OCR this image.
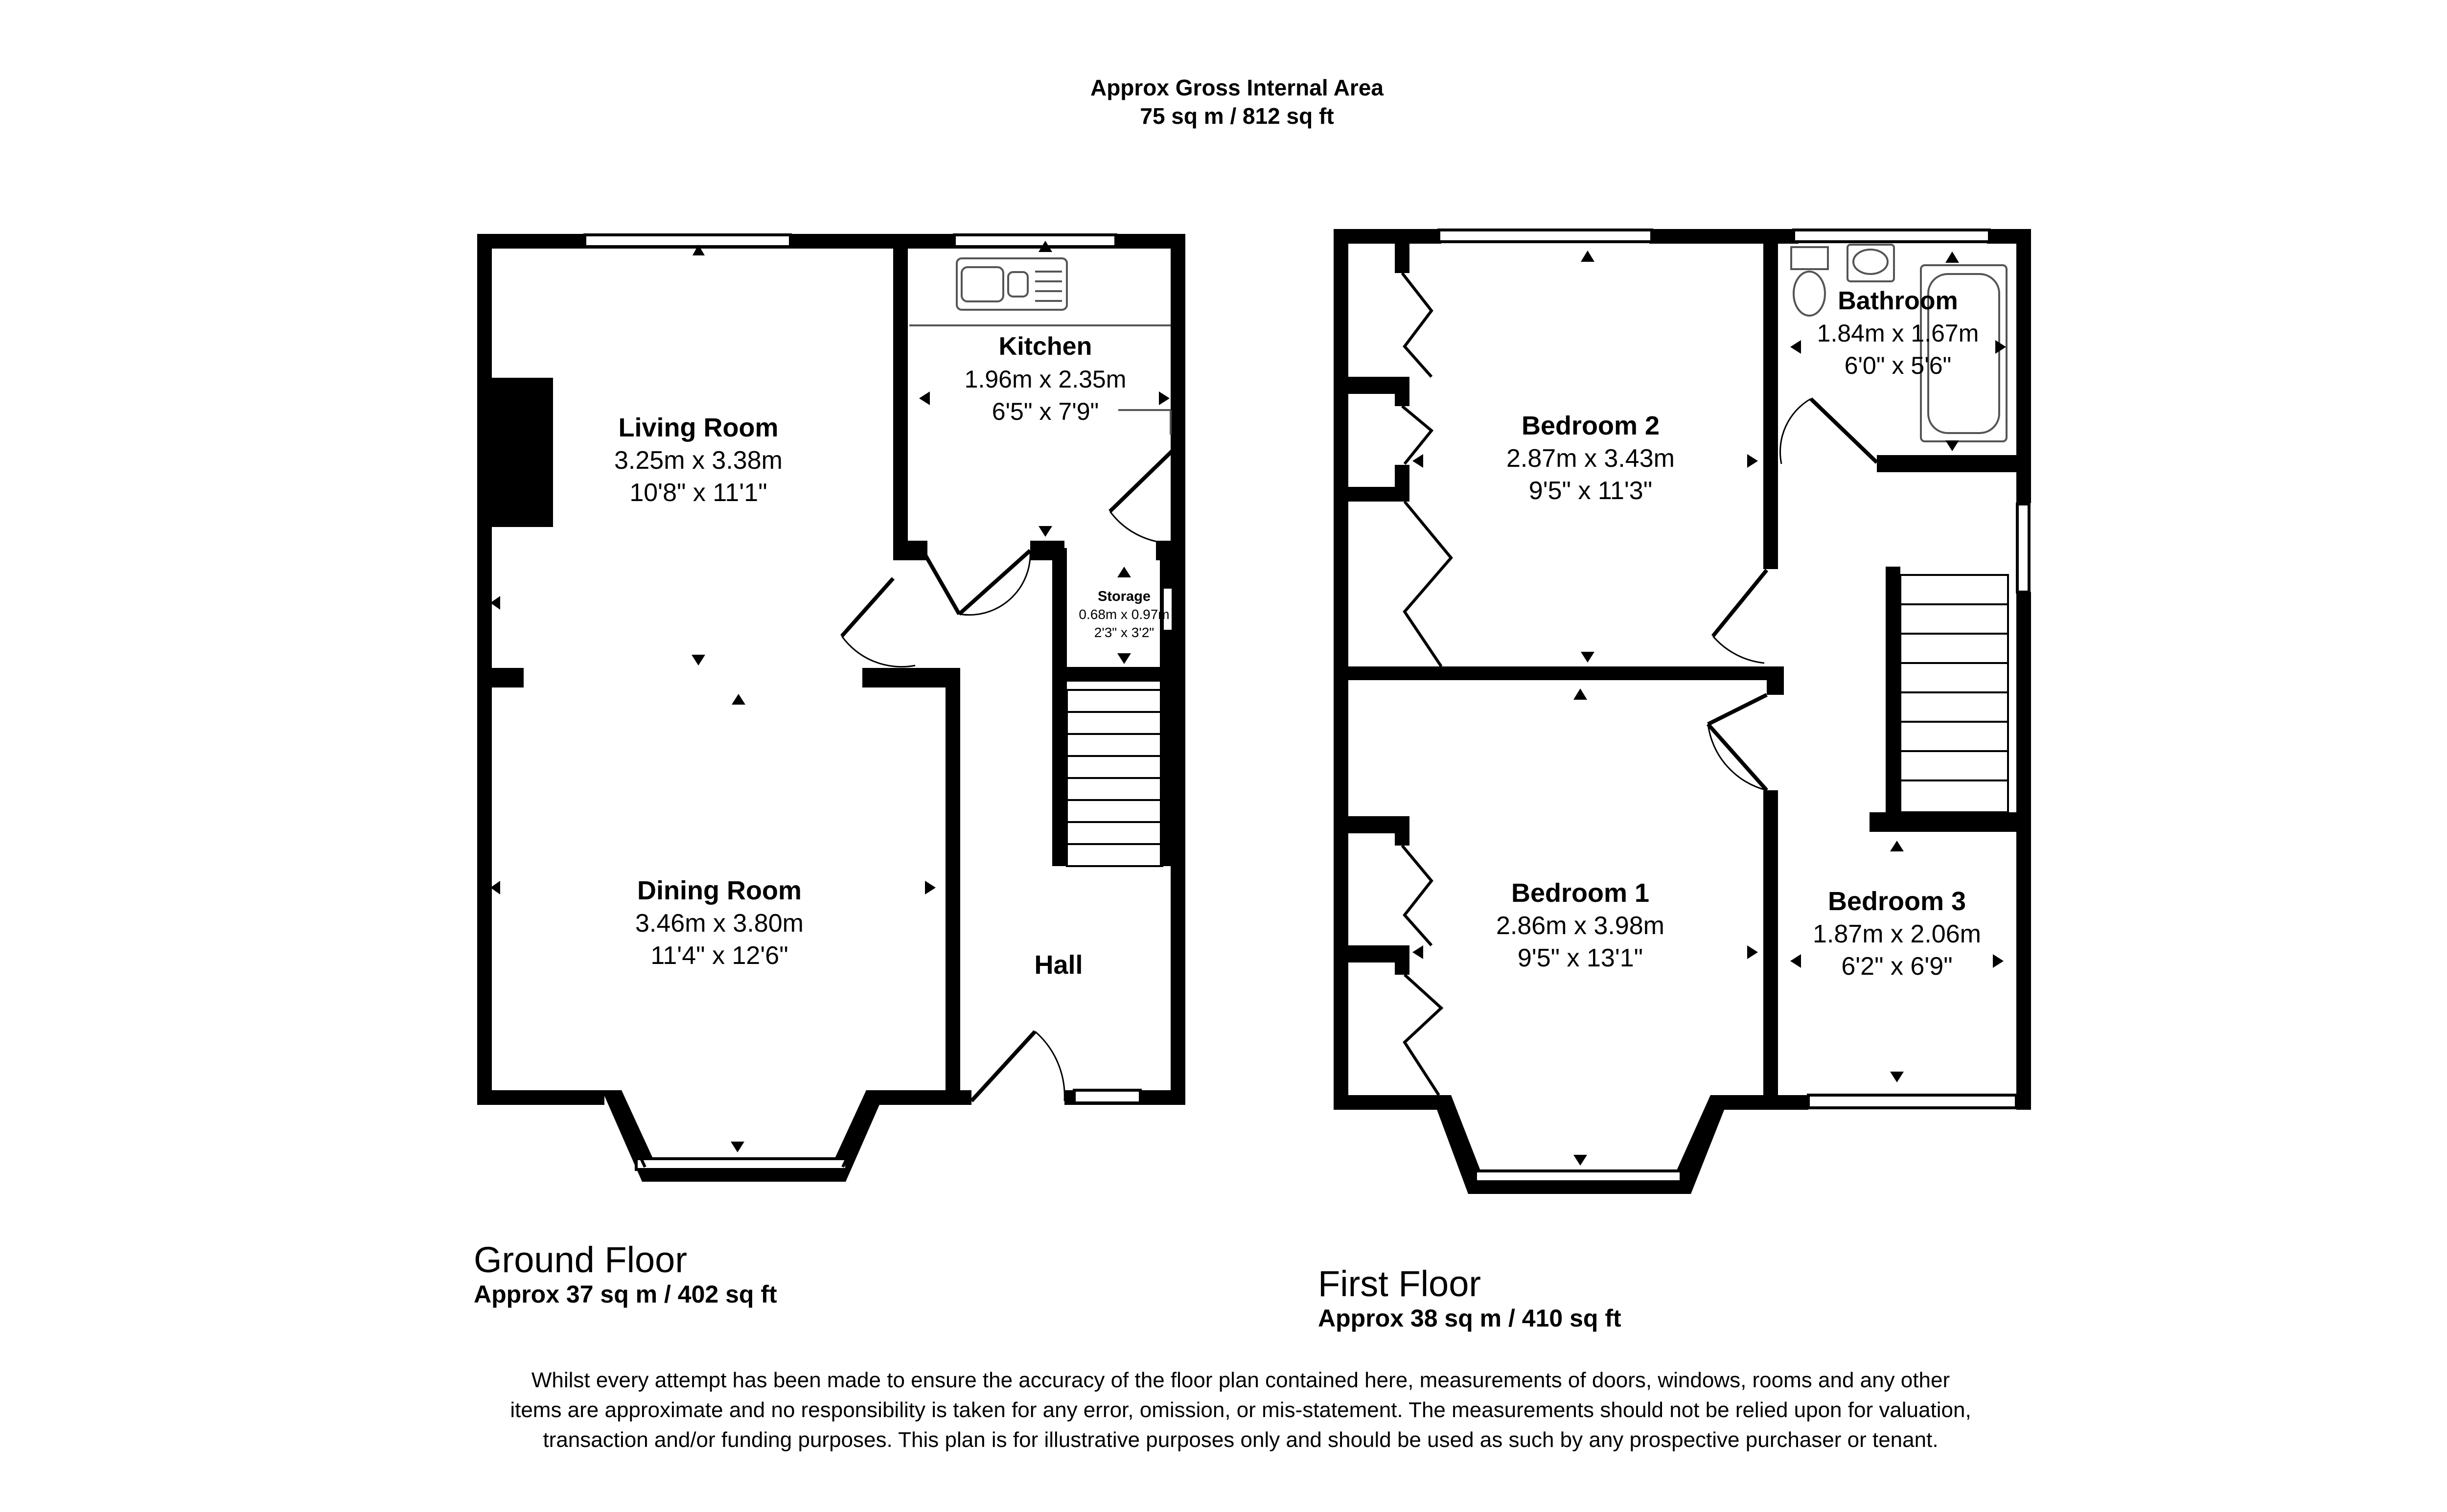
Approx Gross Internal Area
75 sq m / 812 sq ft
Living Room
3.25m x 3.38m
10'8" x 11'1"
Dining Room
3.46m x 3.80m
11'4" x 12'6"
Kitchen
1.96m x 2.35m
6'5" x 7'9"
Storage
0.68m x 0.97m
2'3" x 3'2"
Hall
Bedroom 2
2.87m x 3.43m
9'5" x 11'3"
Bathroom
1.84m x 1.67m
6'0" x 5'6"
Bedroom 1
2.86m x 3.98m
9'5" x 13'1"
Bedroom 3
1.87m x 2.06m
6'2" x 6'9"
Ground Floor
Approx 37 sq m / 402 sq ft	First Floor
Approx 38 sq m / 410 sq ft
Whilst every attempt has been made to ensure the accuracy of the floor plan contained here, measurements of doors, windows, rooms and any other items are approximate and no responsibility is taken for any error, omission, or mis-statement. The measurements should not be relied upon for valuation, transaction and/or funding purposes. This plan is for illustrative purposes only and should be used as such by any prospective purchaser or tenant.
